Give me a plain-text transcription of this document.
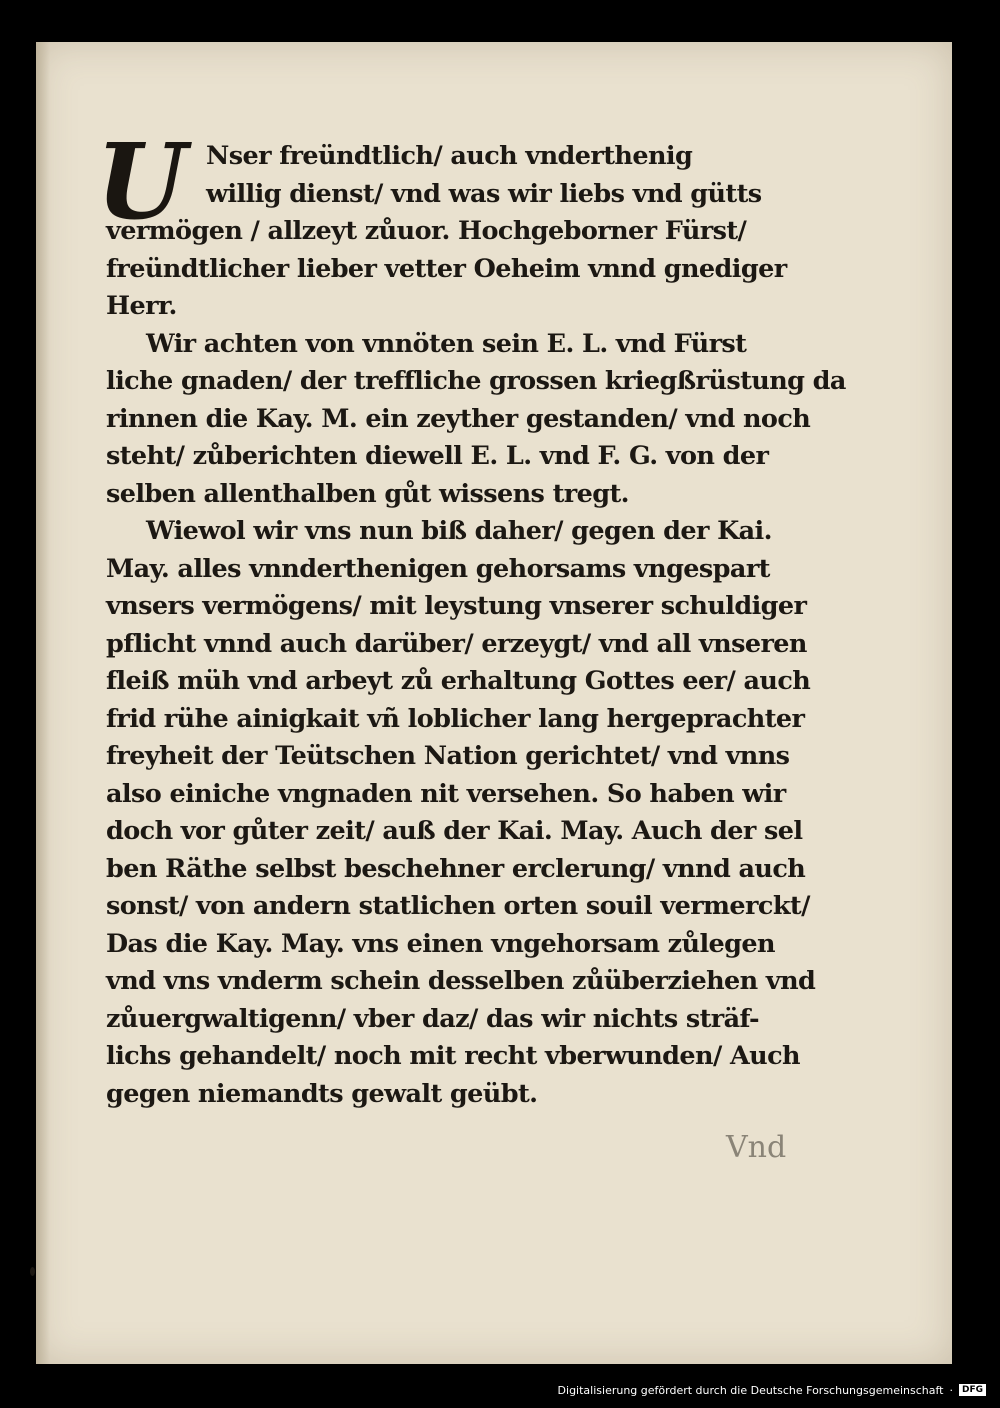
U Nser freündtlich/ auch vnderthenig
willig dienst/ vnd was wir liebs vnd gütts
vermögen / allzeyt zůuor. Hochgeborner Fürst/
freündtlicher lieber vetter Oeheim vnnd gnediger
Herr.
Wir achten von vnnöten sein E. L. vnd Fürst
liche gnaden/ der treffliche grossen kriegßrüstung da
rinnen die Kay. M. ein zeyther gestanden/ vnd noch
steht/ zůberichten diewell E. L. vnd F. G. von der
selben allenthalben gůt wissens tregt.
Wiewol wir vns nun biß daher/ gegen der Kai.
May. alles vnnderthenigen gehorsams vngespart
vnsers vermögens/ mit leystung vnserer schuldiger
pflicht vnnd auch darüber/ erzeygt/ vnd all vnseren
fleiß müh vnd arbeyt zů erhaltung Gottes eer/ auch
frid rühe ainigkait vñ loblicher lang hergeprachter
freyheit der Teütschen Nation gerichtet/ vnd vnns
also einiche vngnaden nit versehen. So haben wir
doch vor gůter zeit/ auß der Kai. May. Auch der sel
ben Räthe selbst beschehner erclerung/ vnnd auch
sonst/ von andern statlichen orten souil vermerckt/
Das die Kay. May. vns einen vngehorsam zůlegen
vnd vns vnderm schein desselben zůüberziehen vnd
zůuergwaltigenn/ vber daz/ das wir nichts sträf-
lichs gehandelt/ noch mit recht vberwunden/ Auch
gegen niemandts gewalt geübt.
Vnd
Digitalisierung gefördert durch die Deutsche Forschungsgemeinschaft ·	DFG
